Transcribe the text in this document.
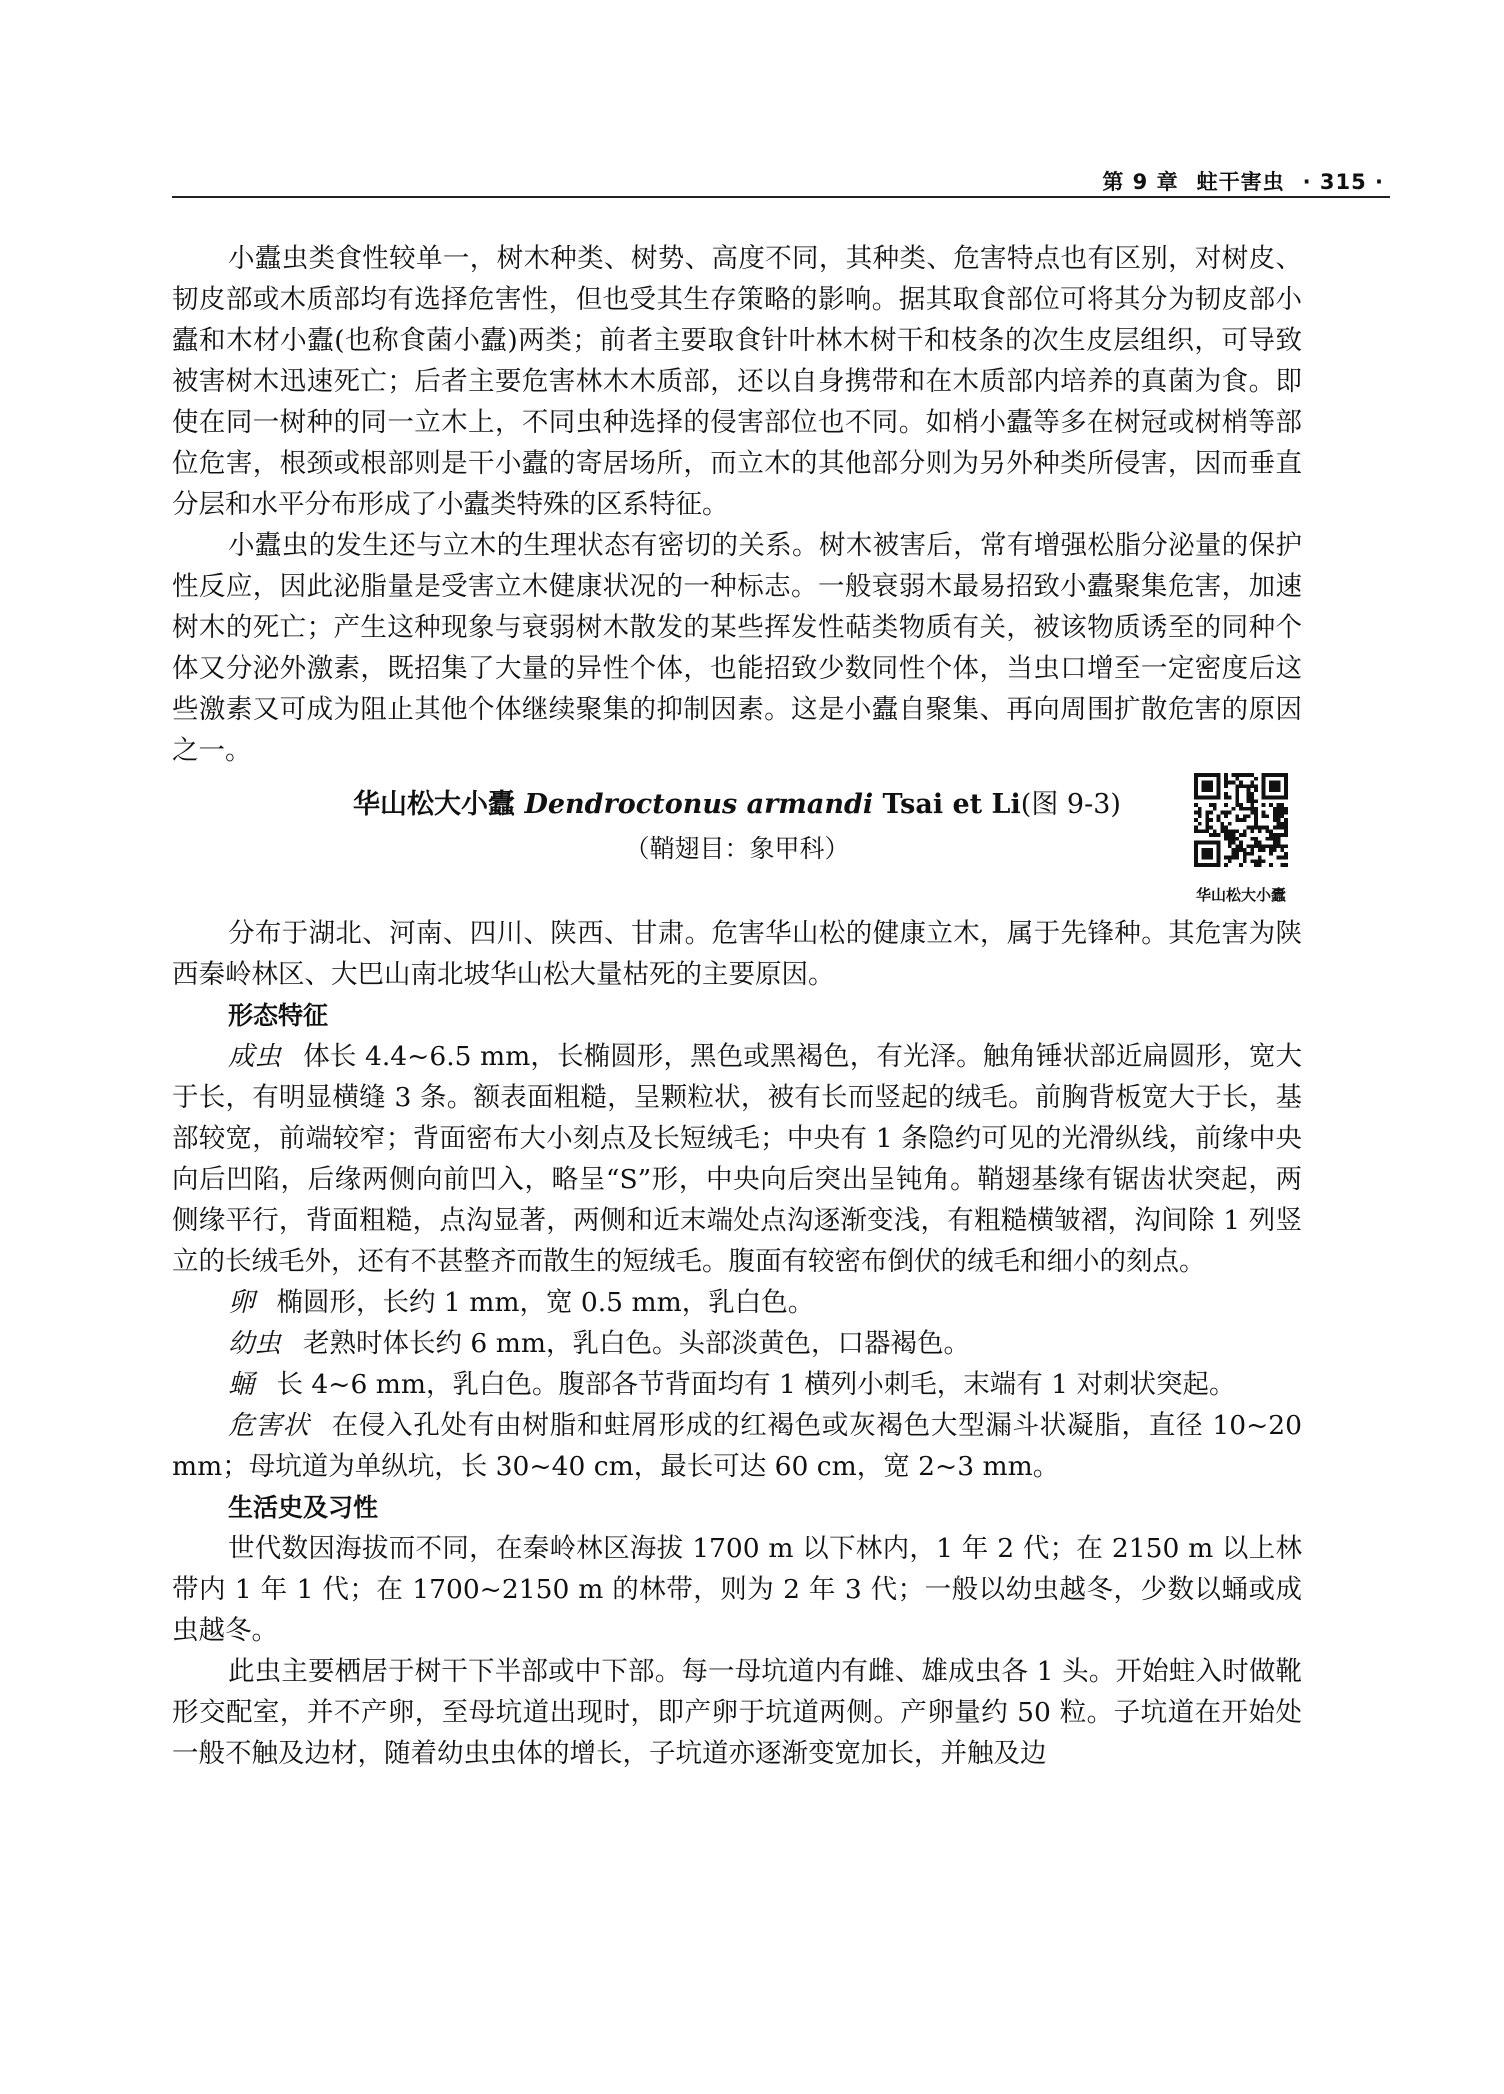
第 9 章 蛀干害虫 · 315 ·

小蠹虫类食性较单一，树木种类、树势、高度不同，其种类、危害特点也有区别，对树皮、韧皮部或木质部均有选择危害性，但也受其生存策略的影响。据其取食部位可将其分为韧皮部小蠹和木材小蠹(也称食菌小蠹)两类；前者主要取食针叶林木树干和枝条的次生皮层组织，可导致被害树木迅速死亡；后者主要危害林木木质部，还以自身携带和在木质部内培养的真菌为食。即使在同一树种的同一立木上，不同虫种选择的侵害部位也不同。如梢小蠹等多在树冠或树梢等部位危害，根颈或根部则是干小蠹的寄居场所，而立木的其他部分则为另外种类所侵害，因而垂直分层和水平分布形成了小蠹类特殊的区系特征。

小蠹虫的发生还与立木的生理状态有密切的关系。树木被害后，常有增强松脂分泌量的保护性反应，因此泌脂量是受害立木健康状况的一种标志。一般衰弱木最易招致小蠹聚集危害，加速树木的死亡；产生这种现象与衰弱树木散发的某些挥发性萜类物质有关，被该物质诱至的同种个体又分泌外激素，既招集了大量的异性个体，也能招致少数同性个体，当虫口增至一定密度后这些激素又可成为阻止其他个体继续聚集的抑制因素。这是小蠹自聚集、再向周围扩散危害的原因之一。

华山松大小蠹 Dendroctonus armandi Tsai et Li(图 9-3)
（鞘翅目：象甲科）
华山松大小蠹

分布于湖北、河南、四川、陕西、甘肃。危害华山松的健康立木，属于先锋种。其危害为陕西秦岭林区、大巴山南北坡华山松大量枯死的主要原因。

形态特征

成虫 体长 4.4~6.5 mm，长椭圆形，黑色或黑褐色，有光泽。触角锤状部近扁圆形，宽大于长，有明显横缝 3 条。额表面粗糙，呈颗粒状，被有长而竖起的绒毛。前胸背板宽大于长，基部较宽，前端较窄；背面密布大小刻点及长短绒毛；中央有 1 条隐约可见的光滑纵线，前缘中央向后凹陷，后缘两侧向前凹入，略呈“S”形，中央向后突出呈钝角。鞘翅基缘有锯齿状突起，两侧缘平行，背面粗糙，点沟显著，两侧和近末端处点沟逐渐变浅，有粗糙横皱褶，沟间除 1 列竖立的长绒毛外，还有不甚整齐而散生的短绒毛。腹面有较密布倒伏的绒毛和细小的刻点。

卵 椭圆形，长约 1 mm，宽 0.5 mm，乳白色。

幼虫 老熟时体长约 6 mm，乳白色。头部淡黄色，口器褐色。

蛹 长 4~6 mm，乳白色。腹部各节背面均有 1 横列小刺毛，末端有 1 对刺状突起。

危害状 在侵入孔处有由树脂和蛀屑形成的红褐色或灰褐色大型漏斗状凝脂，直径 10~20 mm；母坑道为单纵坑，长 30~40 cm，最长可达 60 cm，宽 2~3 mm。

生活史及习性

世代数因海拔而不同，在秦岭林区海拔 1700 m 以下林内，1 年 2 代；在 2150 m 以上林带内 1 年 1 代；在 1700~2150 m 的林带，则为 2 年 3 代；一般以幼虫越冬，少数以蛹或成虫越冬。

此虫主要栖居于树干下半部或中下部。每一母坑道内有雌、雄成虫各 1 头。开始蛀入时做靴形交配室，并不产卵，至母坑道出现时，即产卵于坑道两侧。产卵量约 50 粒。子坑道在开始处一般不触及边材，随着幼虫虫体的增长，子坑道亦逐渐变宽加长，并触及边
